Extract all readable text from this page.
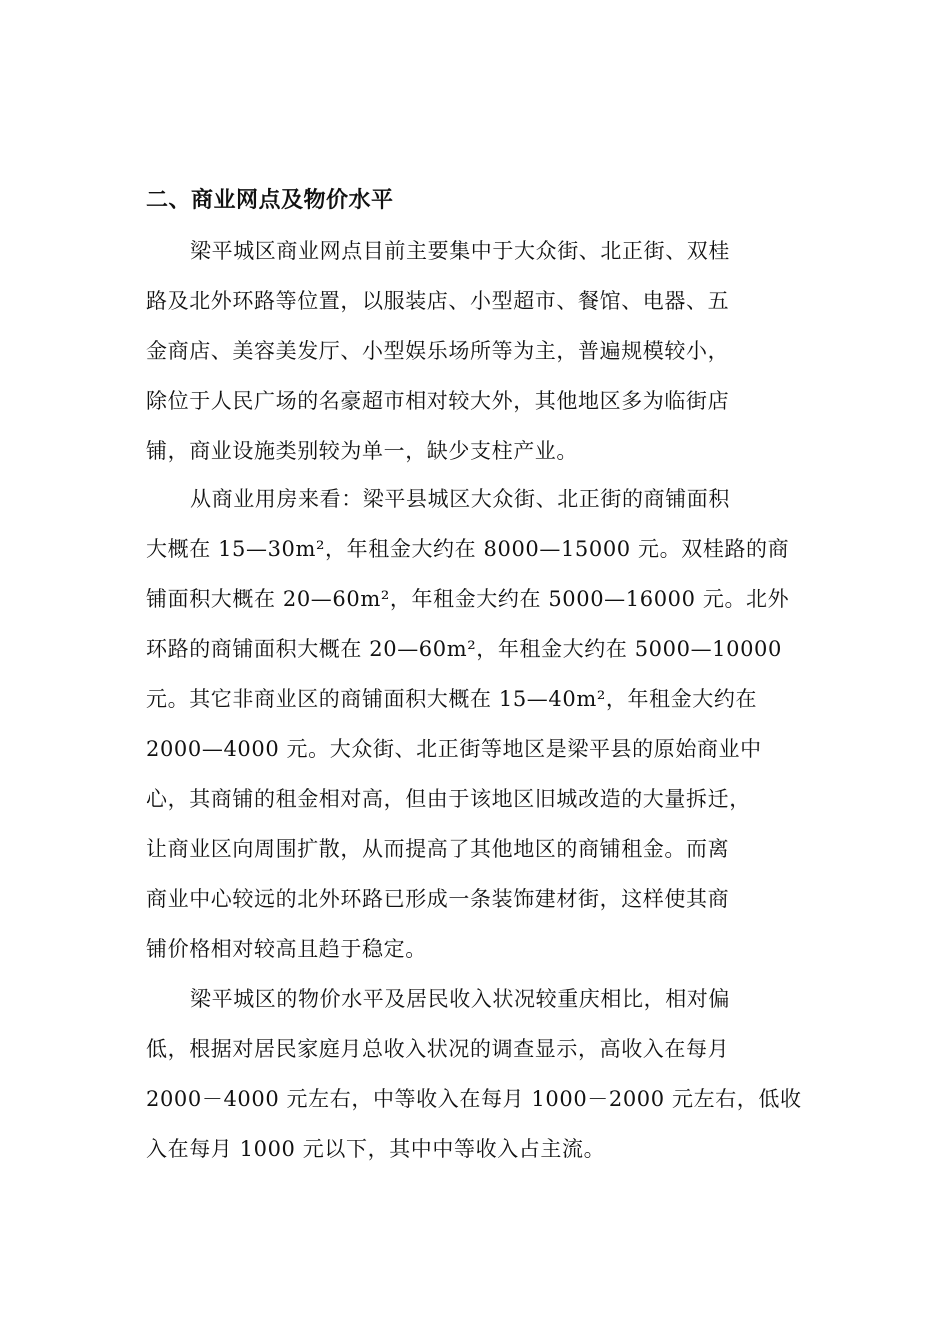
二、商业网点及物价水平
梁平城区商业网点目前主要集中于大众街、北正街、双桂
路及北外环路等位置，以服装店、小型超市、餐馆、电器、五
金商店、美容美发厅、小型娱乐场所等为主，普遍规模较小，
除位于人民广场的名豪超市相对较大外，其他地区多为临街店
铺，商业设施类别较为单一，缺少支柱产业。
从商业用房来看：梁平县城区大众街、北正街的商铺面积
大概在 15—30m²，年租金大约在 8000—15000 元。双桂路的商
铺面积大概在 20—60m²，年租金大约在 5000—16000 元。北外
环路的商铺面积大概在 20—60m²，年租金大约在 5000—10000
元。其它非商业区的商铺面积大概在 15—40m²，年租金大约在
2000—4000 元。大众街、北正街等地区是梁平县的原始商业中
心，其商铺的租金相对高，但由于该地区旧城改造的大量拆迁，
让商业区向周围扩散，从而提高了其他地区的商铺租金。而离
商业中心较远的北外环路已形成一条装饰建材街，这样使其商
铺价格相对较高且趋于稳定。
梁平城区的物价水平及居民收入状况较重庆相比，相对偏
低，根据对居民家庭月总收入状况的调查显示，高收入在每月
2000－4000 元左右，中等收入在每月 1000－2000 元左右，低收
入在每月 1000 元以下，其中中等收入占主流。
